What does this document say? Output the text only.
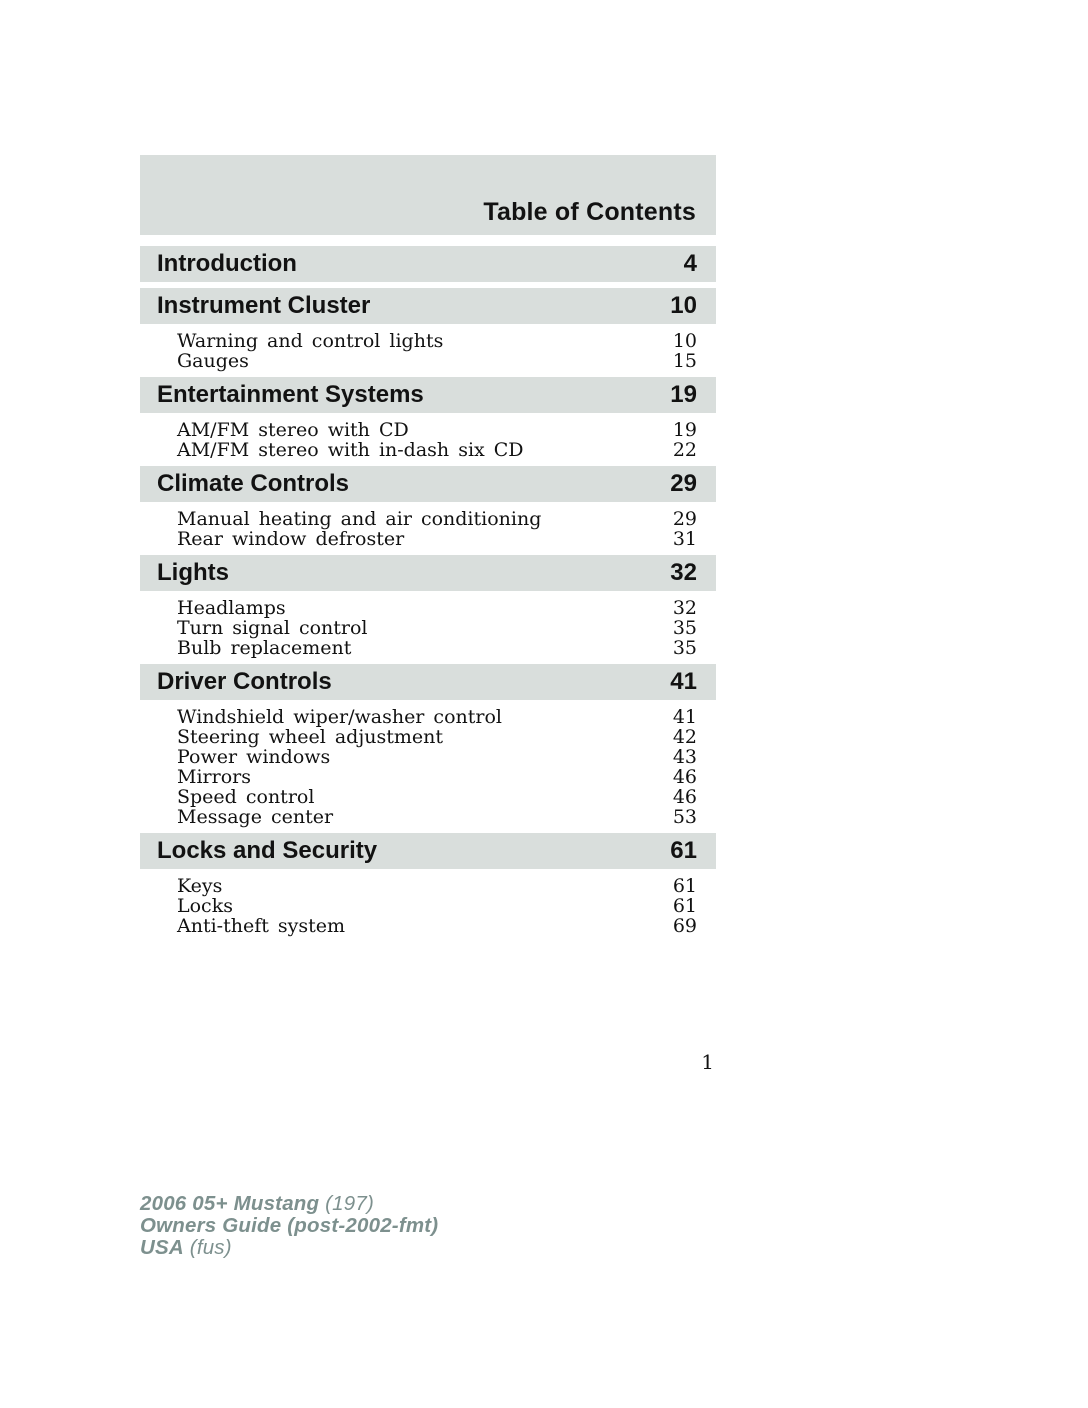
Table of Contents
Introduction	4
Instrument Cluster	10
Warning and control lights	10
Gauges	15
Entertainment Systems	19
AM/FM stereo with CD	19
AM/FM stereo with in-dash six CD	22
Climate Controls	29
Manual heating and air conditioning	29
Rear window defroster	31
Lights	32
Headlamps	32
Turn signal control	35
Bulb replacement	35
Driver Controls	41
Windshield wiper/washer control	41
Steering wheel adjustment	42
Power windows	43
Mirrors	46
Speed control	46
Message center	53
Locks and Security	61
Keys	61
Locks	61
Anti-theft system	69
1
2006 05+ Mustang (197)
Owners Guide (post-2002-fmt)
USA (fus)
